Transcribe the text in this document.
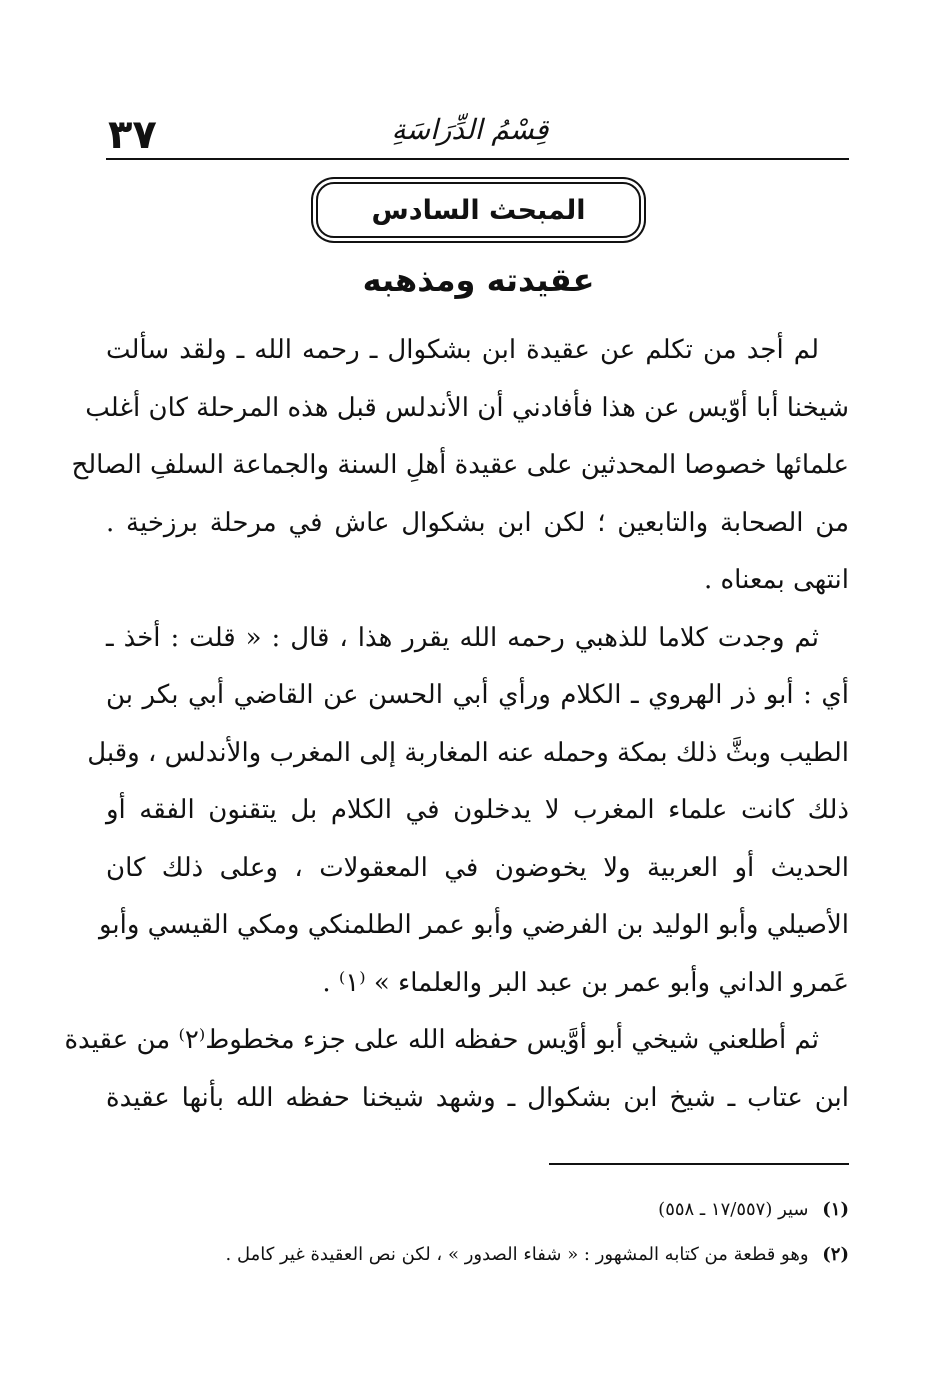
٣٧	قِسْمُ الدِّرَاسَةِ
المبحث السادس
عقيدته ومذهبه
لم أجد من تكلم عن عقيدة ابن بشكوال ـ رحمه الله ـ ولقد سألت
شيخنا أبا أوّيس عن هذا فأفادني أن الأندلس قبل هذه المرحلة كان أغلب
علمائها خصوصا المحدثين على عقيدة أهلِ السنة والجماعة السلفِ الصالح
من الصحابة والتابعين ؛ لكن ابن بشكوال عاش في مرحلة برزخية .
انتهى بمعناه .
ثم وجدت كلاما للذهبي رحمه الله يقرر هذا ، قال : « قلت : أخذ ـ
أي : أبو ذر الهروي ـ الكلام ورأي أبي الحسن عن القاضي أبي بكر بن
الطيب وبثَّ ذلك بمكة وحمله عنه المغاربة إلى المغرب والأندلس ، وقبل
ذلك كانت علماء المغرب لا يدخلون في الكلام بل يتقنون الفقه أو
الحديث أو العربية ولا يخوضون في المعقولات ، وعلى ذلك كان
الأصيلي وأبو الوليد بن الفرضي وأبو عمر الطلمنكي ومكي القيسي وأبو
عَمرو الداني وأبو عمر بن عبد البر والعلماء » ⁽١⁾ .
ثم أطلعني شيخي أبو أوَّيس حفظه الله على جزء مخطوط⁽٢⁾ من عقيدة
ابن عتاب ـ شيخ ابن بشكوال ـ وشهد شيخنا حفظه الله بأنها عقيدة
(١) سير (١٧/٥٥٧ ـ ٥٥٨)
(٢) وهو قطعة من كتابه المشهور : « شفاء الصدور » ، لكن نص العقيدة غير كامل .
